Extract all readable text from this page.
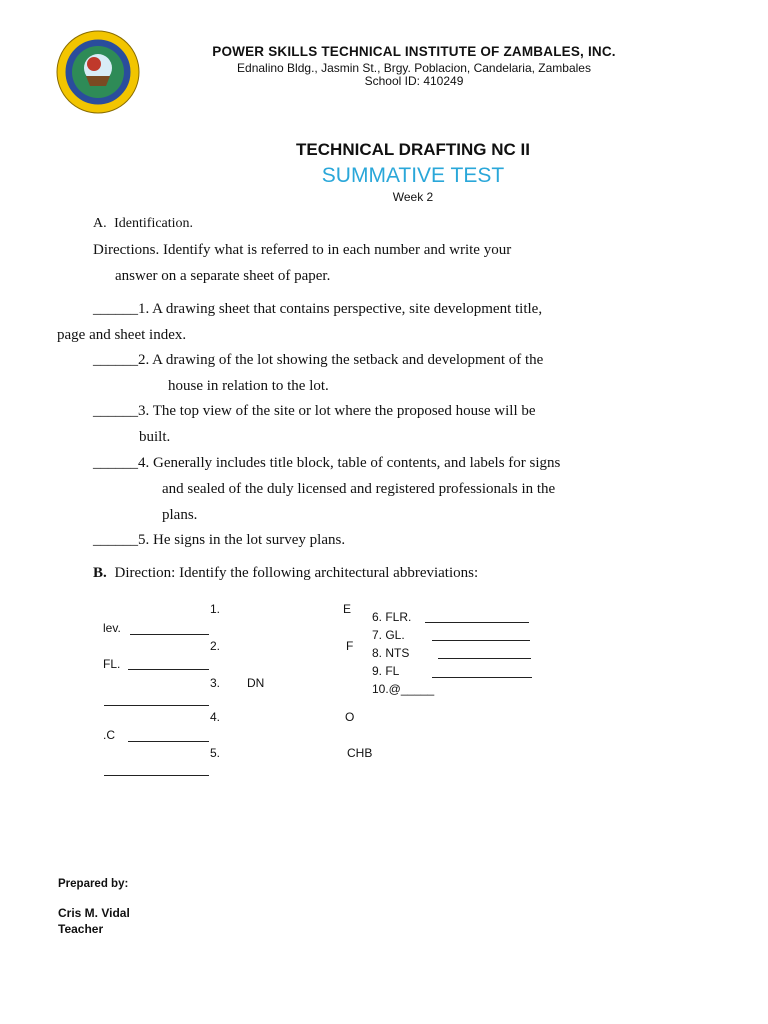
POWER SKILLS TECHNICAL INSTITUTE OF ZAMBALES, INC.
Ednalino Bldg., Jasmin St., Brgy. Poblacion, Candelaria, Zambales
School ID: 410249
TECHNICAL DRAFTING NC II
SUMMATIVE TEST
Week 2
A. Identification.
Directions. Identify what is referred to in each number and write your
answer on a separate sheet of paper.
______1. A drawing sheet that contains perspective, site development title,
page and sheet index.
______2. A drawing of the lot showing the setback and development of the
house in relation to the lot.
______3. The top view of the site or lot where the proposed house will be
built.
______4. Generally includes title block, table of contents, and labels for signs
and sealed of the duly licensed and registered professionals in the
plans.
______5. He signs in the lot survey plans.
B. Direction: Identify the following architectural abbreviations:
1.
2.
3.
4.
5.
lev.
FL.
DN
.C
E
F
O
CHB
6. FLR.
7. GL.
8. NTS
9. FL
10.@_____
Prepared by:
Cris M. Vidal
Teacher
